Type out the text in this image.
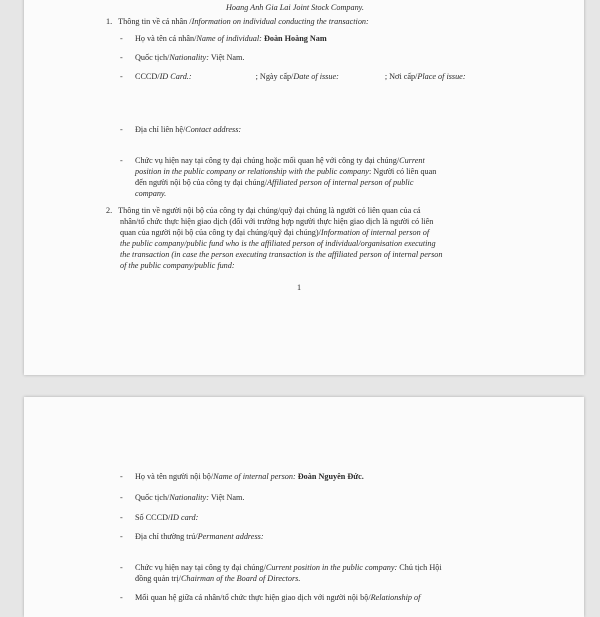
Hoang Anh Gia Lai Joint Stock Company.
1. Thông tin về cá nhân /Information on individual conducting the transaction:
- Họ và tên cá nhân/Name of individual: Đoàn Hoàng Nam
- Quốc tịch/Nationality: Việt Nam.
- CCCD/ID Card.:	; Ngày cấp/Date of issue:	; Nơi cấp/Place of issue:
- Địa chỉ liên hệ/Contact address:
- Chức vụ hiện nay tại công ty đại chúng hoặc mối quan hệ với công ty đại chúng/Current
position in the public company or relationship with the public company: Người có liên quan
đến người nội bộ của công ty đại chúng/Affiliated person of internal person of public
company.
2. Thông tin về người nội bộ của công ty đại chúng/quỹ đại chúng là người có liên quan của cá
nhân/tổ chức thực hiện giao dịch (đối với trường hợp người thực hiện giao dịch là người có liên
quan của người nội bộ của công ty đại chúng/quỹ đại chúng)/Information of internal person of
the public company/public fund who is the affiliated person of individual/organisation executing
the transaction (in case the person executing transaction is the affiliated person of internal person
of the public company/public fund:
1
- Họ và tên người nội bộ/Name of internal person: Đoàn Nguyên Đức.
- Quốc tịch/Nationality: Việt Nam.
- Số CCCD/ID card:
- Địa chỉ thường trú/Permanent address:
- Chức vụ hiện nay tại công ty đại chúng/Current position in the public company: Chủ tịch Hội
đồng quản trị/Chairman of the Board of Directors.
- Mối quan hệ giữa cá nhân/tổ chức thực hiện giao dịch với người nội bộ/Relationship of
